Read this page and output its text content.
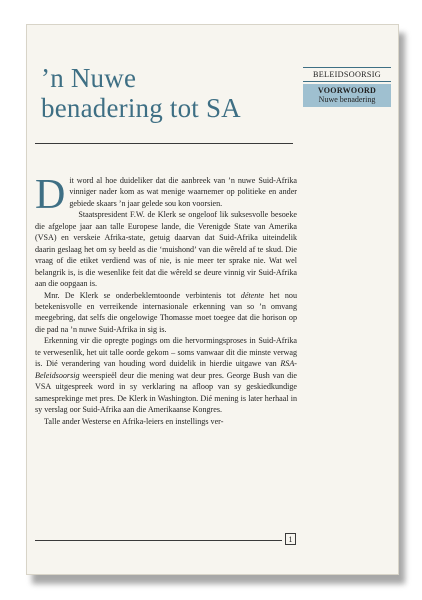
’n Nuwe
benadering tot SA
BELEIDSOORSIG
VOORWOORD
Nuwe benadering

Dit word al hoe duideliker dat die aanbreek van ’n nuwe Suid-Afrika vinniger nader kom as wat menige waarnemer op politieke en ander gebiede skaars ’n jaar gelede sou kon voorsien.

Staatspresident F.W. de Klerk se ongeloof lik suksesvolle besoeke die afgelope jaar aan talle Europese lande, die Verenigde State van Amerika (VSA) en verskeie Afrika-state, getuig daarvan dat Suid-Afrika uiteindelik daarin geslaag het om sy beeld as die ‘muishond’ van die wêreld af te skud. Die vraag of die etiket verdiend was of nie, is nie meer ter sprake nie. Wat wel belangrik is, is die wesenlike feit dat die wêreld se deure vinnig vir Suid-Afrika aan die oopgaan is.

Mnr. De Klerk se onderbeklemtoonde verbintenis tot détente het nou betekenisvolle en verreikende internasionale erkenning van so ’n omvang meegebring, dat selfs die ongelowige Thomasse moet toegee dat die horison op die pad na ’n nuwe Suid-Afrika in sig is.

Erkenning vir die opregte pogings om die hervormingsproses in Suid-Afrika te verwesenlik, het uit talle oorde gekom – soms vanwaar dit die minste verwag is. Dié verandering van houding word duidelik in hierdie uitgawe van RSA-Beleidsoorsig weerspieël deur die mening wat deur pres. George Bush van die VSA uitgespreek word in sy verklaring na afloop van sy geskiedkundige samesprekinge met pres. De Klerk in Washington. Dié mening is later herhaal in sy verslag oor Suid-Afrika aan die Amerikaanse Kongres.

Talle ander Westerse en Afrika-leiers en instellings ver-

1
